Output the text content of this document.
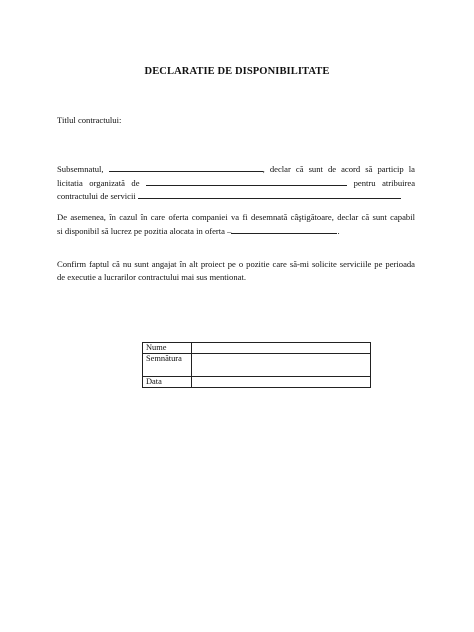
DECLARATIE DE DISPONIBILITATE
Titlul contractului:
Subsemnatul,	, declar că sunt de acord să particip la
licitatia organizată de	pentru atribuirea
contractului de servicii
De asemenea, în cazul în care oferta companiei va fi desemnată câştigătoare, declar că sunt capabil
si disponibil să lucrez pe pozitia alocata in oferta –	.
Confirm faptul că nu sunt angajat în alt proiect pe o pozitie care să-mi solicite serviciile pe perioada
de executie a lucrarilor contractului mai sus mentionat.
Nume	
Semnătura	
Data	
